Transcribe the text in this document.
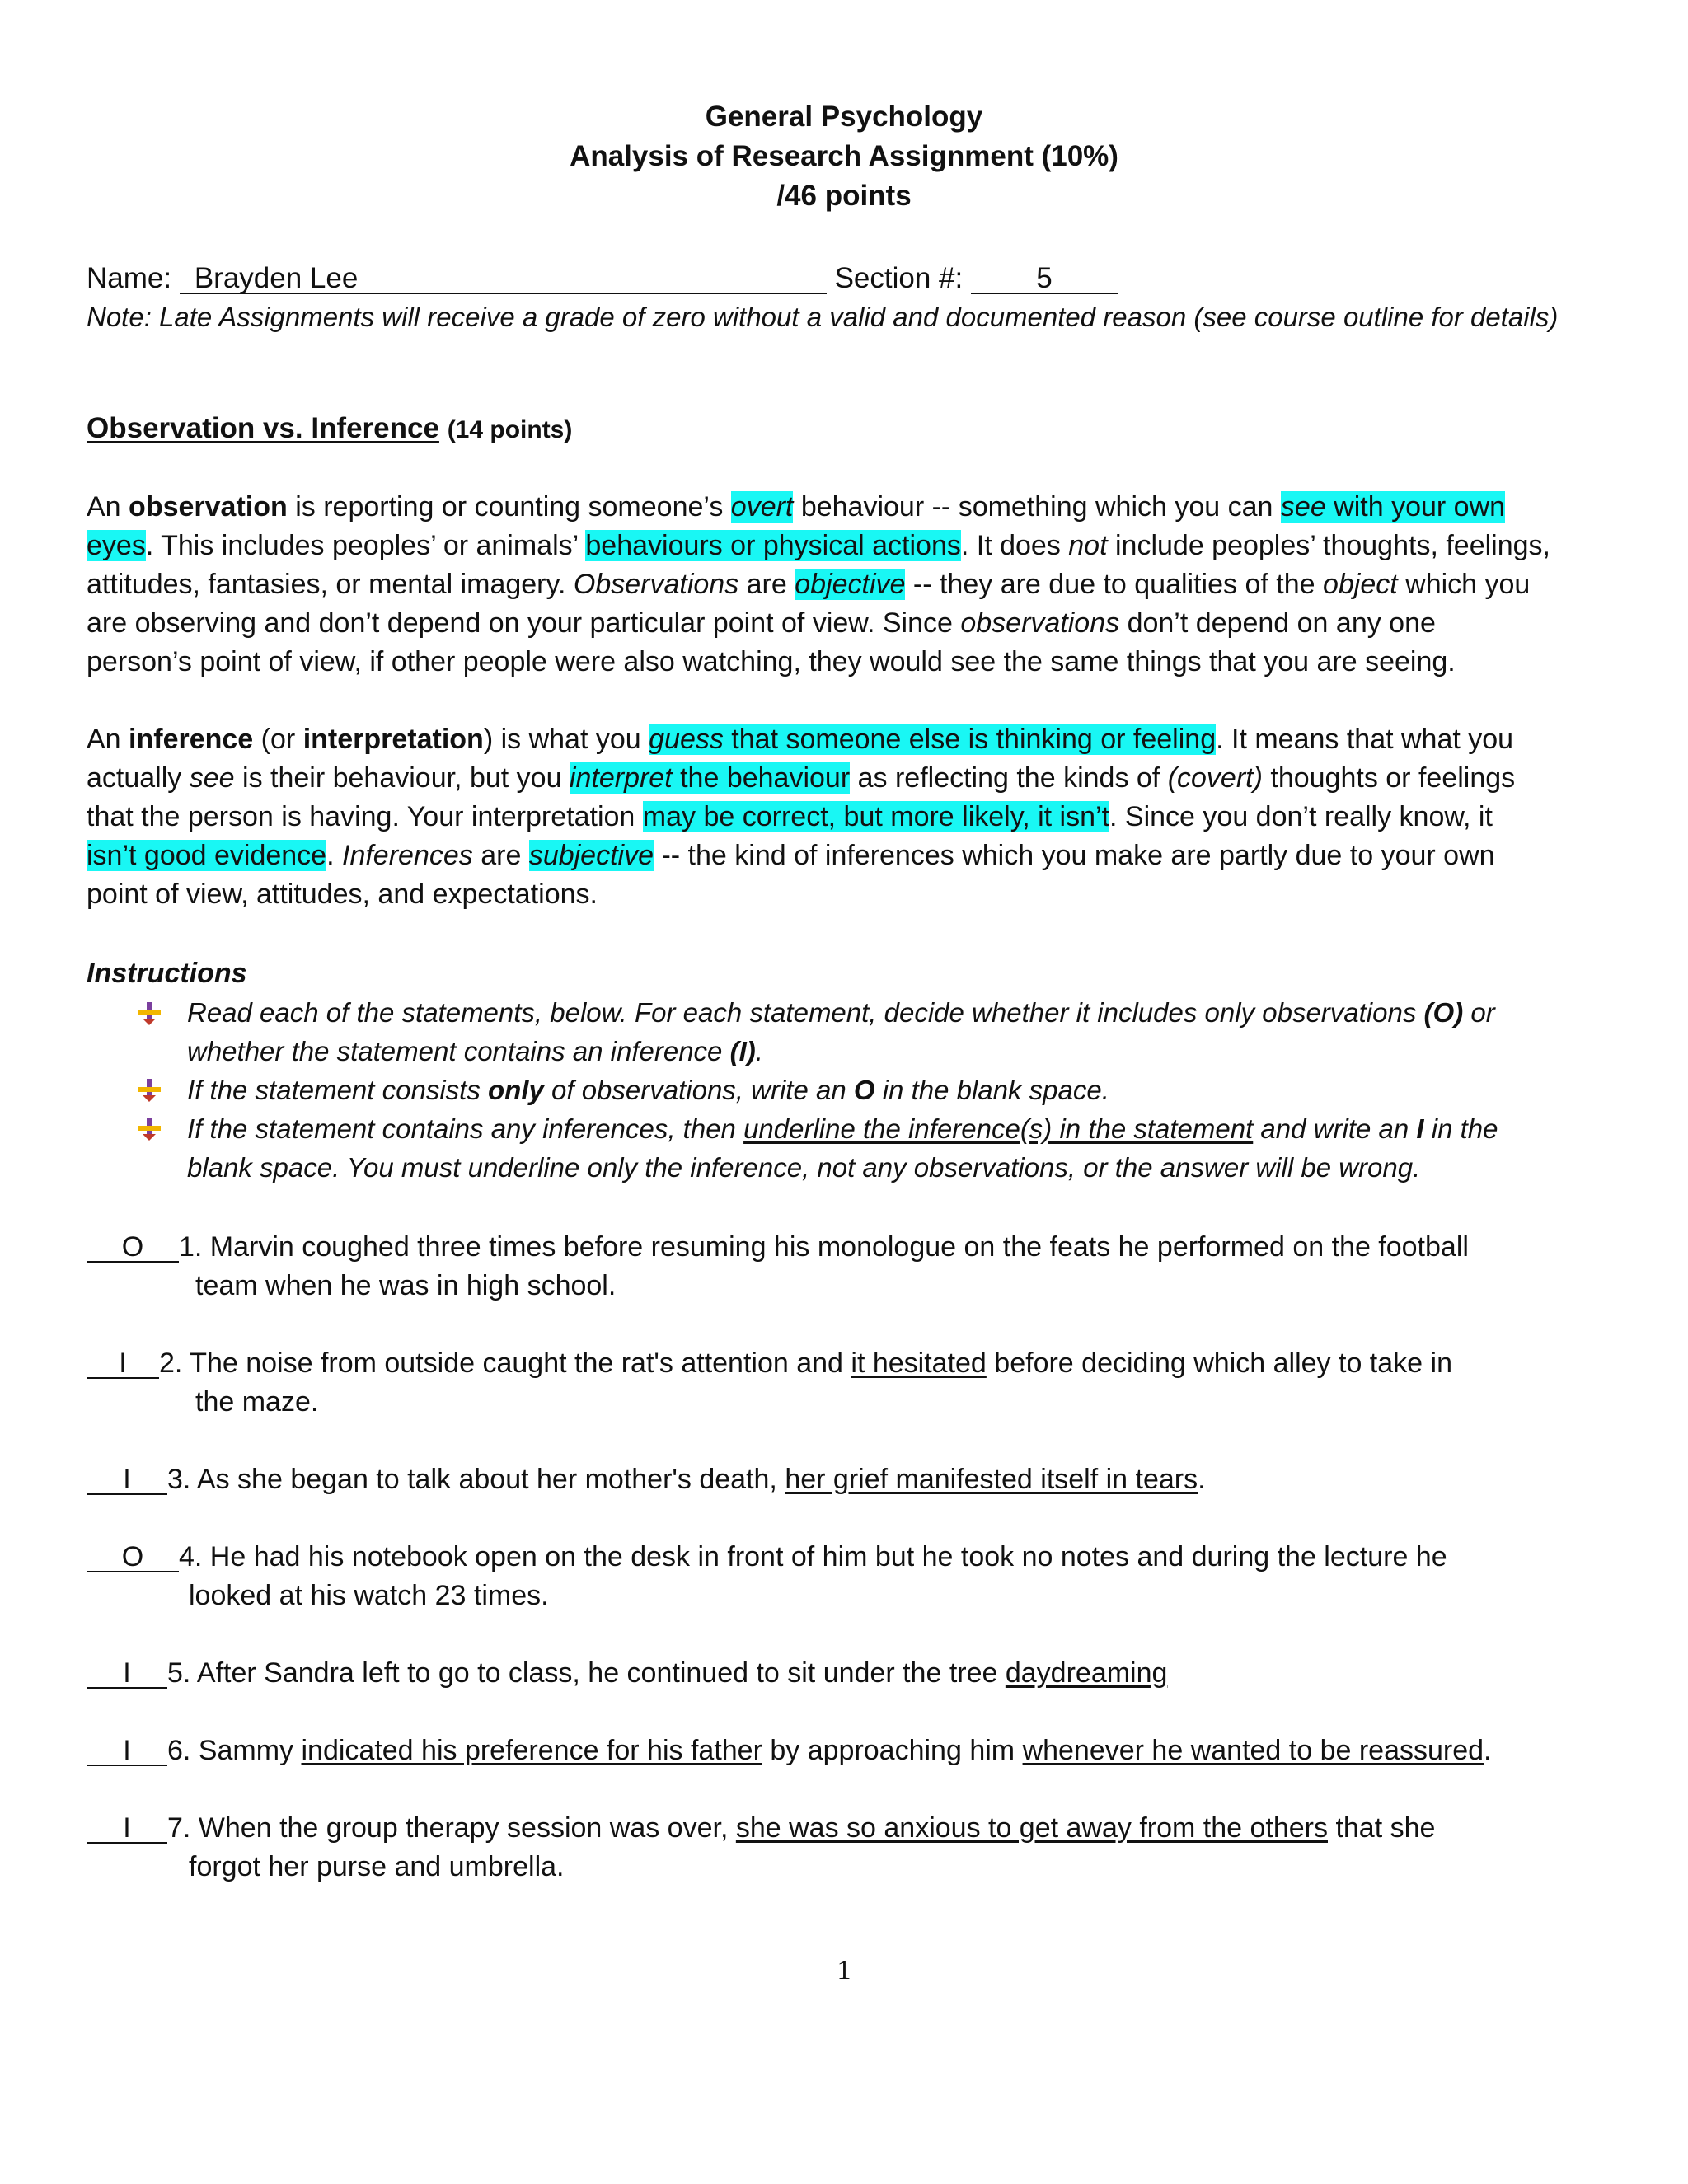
General Psychology
Analysis of Research Assignment (10%)
/46 points
Name: Brayden Lee	Section #:	5
Note: Late Assignments will receive a grade of zero without a valid and documented reason (see course outline for details)
Observation vs. Inference (14 points)
An observation is reporting or counting someone’s overt behaviour -- something which you can see with your own
eyes. This includes peoples’ or animals’ behaviours or physical actions. It does not include peoples’ thoughts, feelings,
attitudes, fantasies, or mental imagery. Observations are objective -- they are due to qualities of the object which you
are observing and don’t depend on your particular point of view. Since observations don’t depend on any one
person’s point of view, if other people were also watching, they would see the same things that you are seeing.
An inference (or interpretation) is what you guess that someone else is thinking or feeling. It means that what you
actually see is their behaviour, but you interpret the behaviour as reflecting the kinds of (covert) thoughts or feelings
that the person is having. Your interpretation may be correct, but more likely, it isn’t. Since you don’t really know, it
isn’t good evidence. Inferences are subjective -- the kind of inferences which you make are partly due to your own
point of view, attitudes, and expectations.
Instructions
Read each of the statements, below. For each statement, decide whether it includes only observations (O) or
whether the statement contains an inference (I).
If the statement consists only of observations, write an O in the blank space.
If the statement contains any inferences, then underline the inference(s) in the statement and write an I in the
blank space. You must underline only the inference, not any observations, or the answer will be wrong.
O 1. Marvin coughed three times before resuming his monologue on the feats he performed on the football
team when he was in high school.
I 2. The noise from outside caught the rat's attention and it hesitated before deciding which alley to take in
the maze.
I 3. As she began to talk about her mother's death, her grief manifested itself in tears.
O 4. He had his notebook open on the desk in front of him but he took no notes and during the lecture he
looked at his watch 23 times.
I 5. After Sandra left to go to class, he continued to sit under the tree daydreaming
I 6. Sammy indicated his preference for his father by approaching him whenever he wanted to be reassured.
I 7. When the group therapy session was over, she was so anxious to get away from the others that she
forgot her purse and umbrella.
1
